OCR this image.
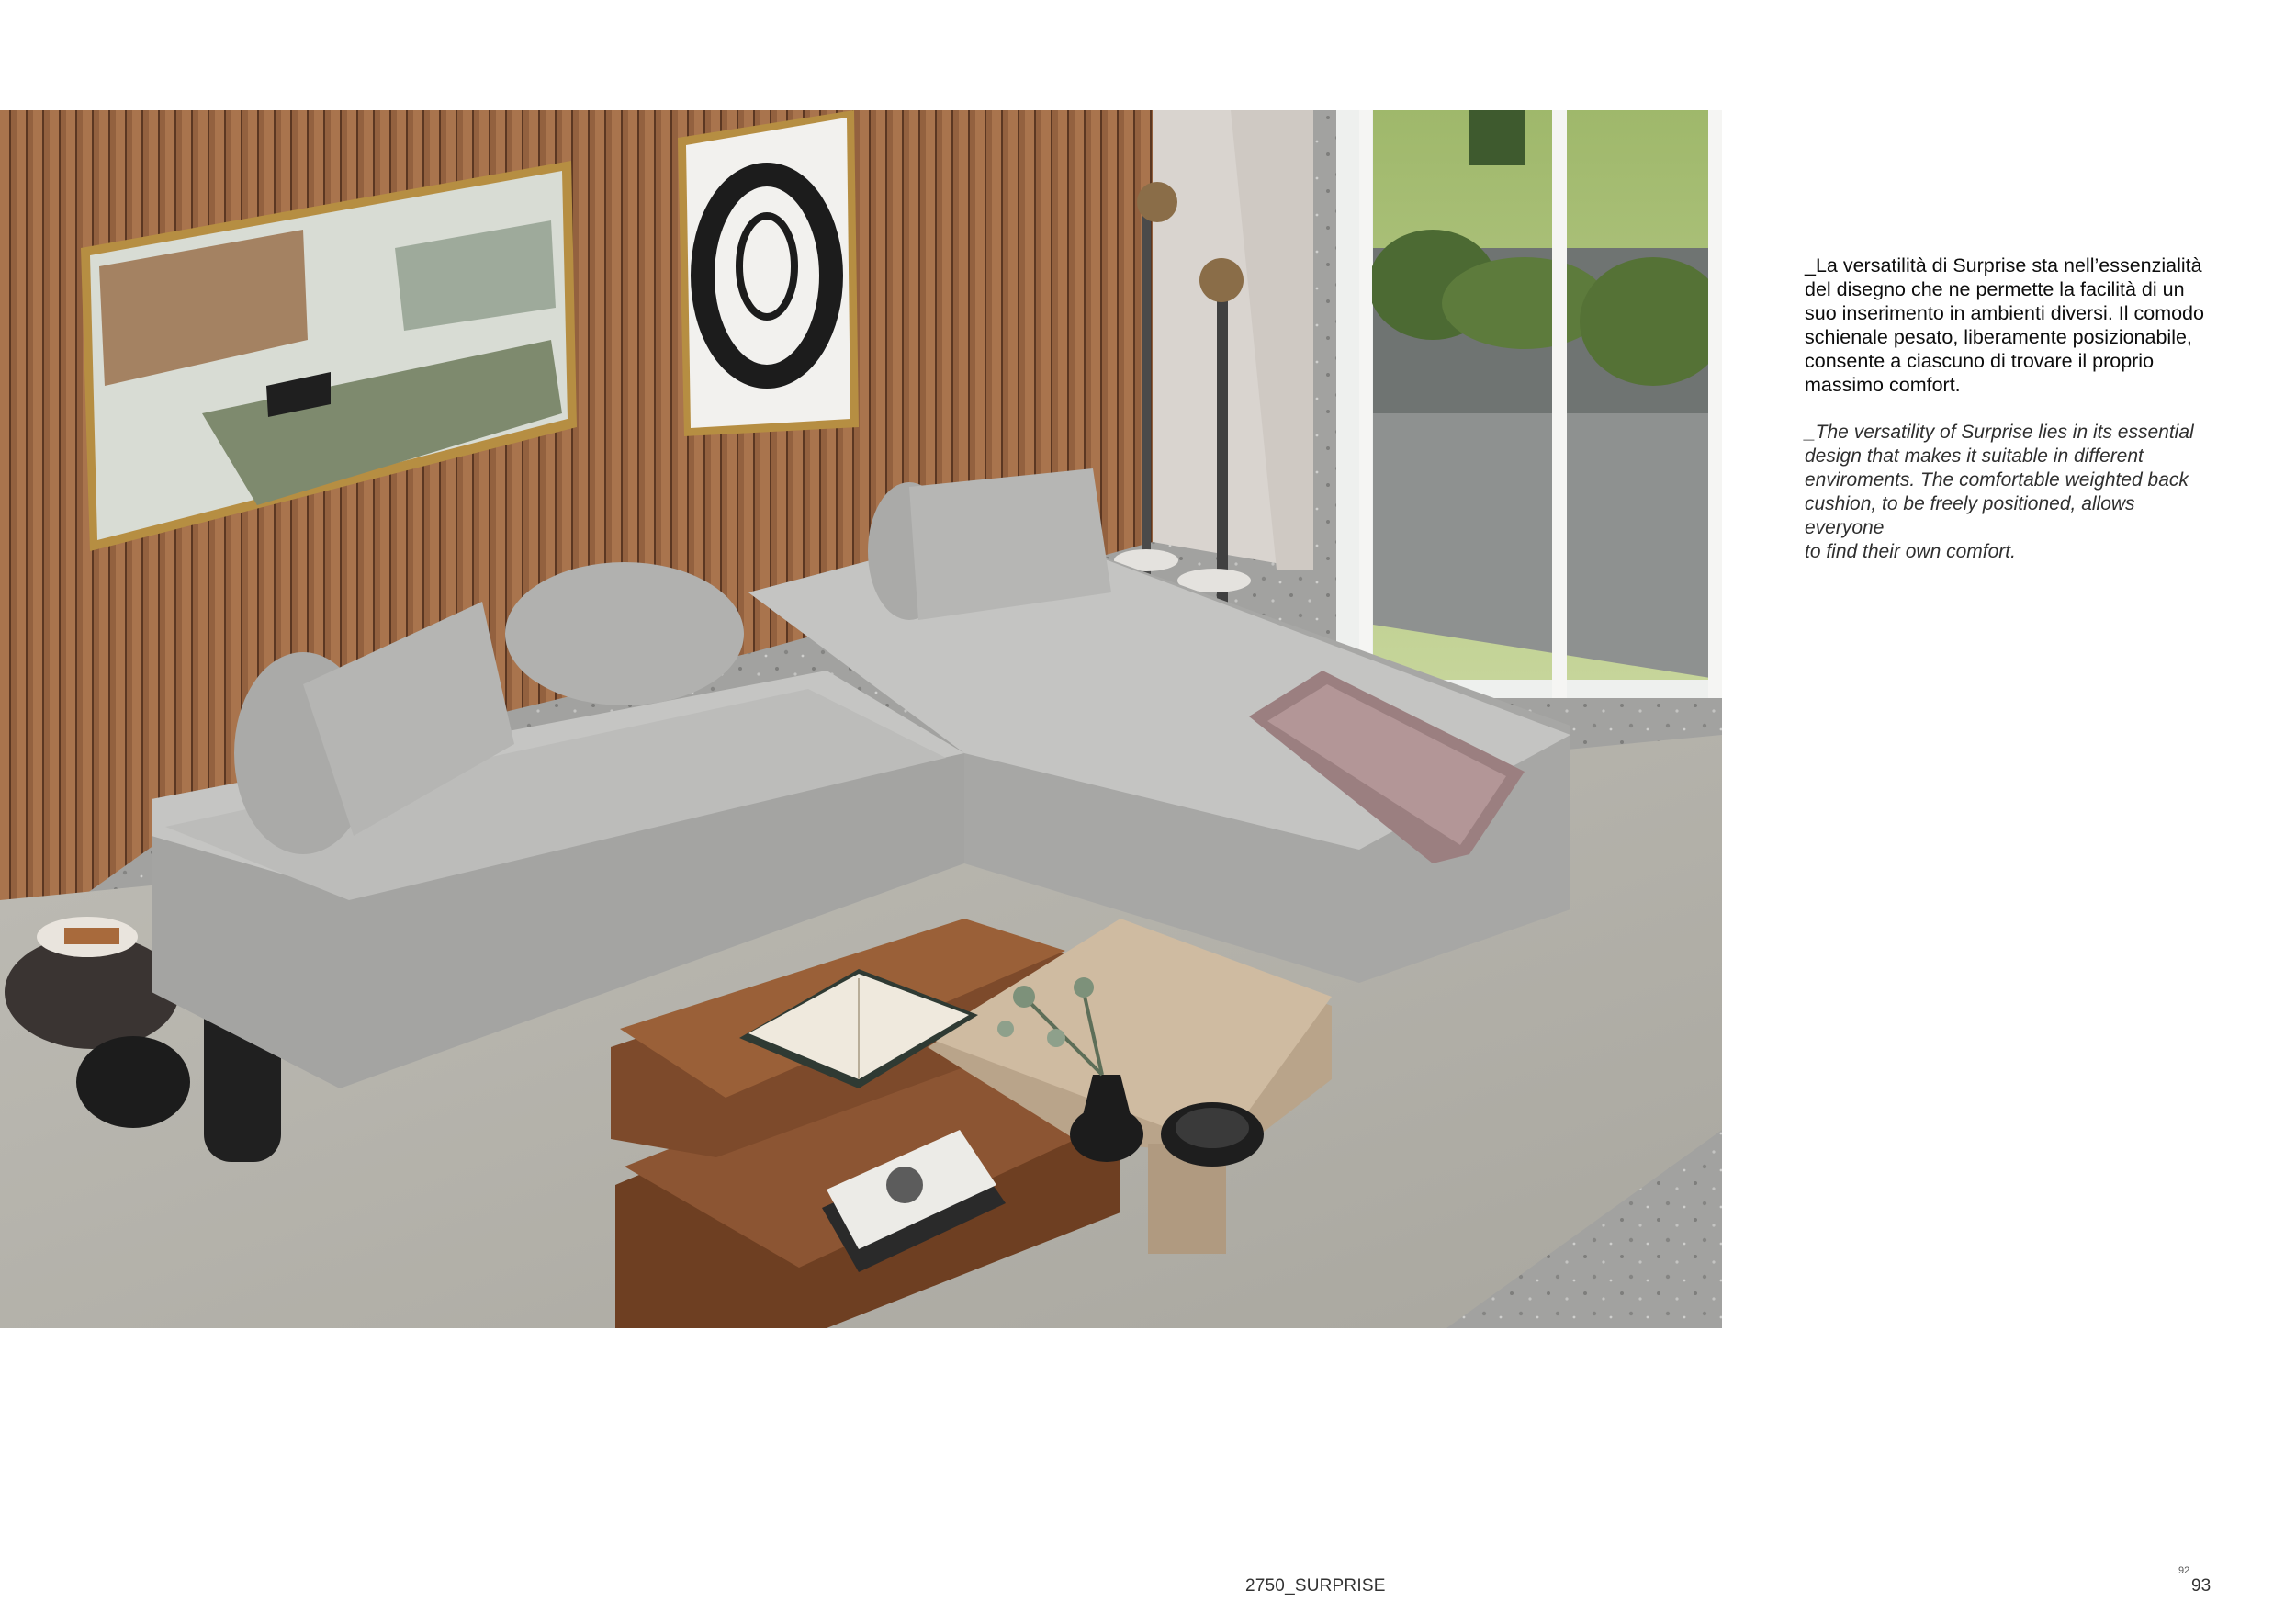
_La versatilità di Surprise sta nell’essenzialità
del disegno che ne permette la facilità di un
suo inserimento in ambienti diversi. Il comodo
schienale pesato, liberamente posizionabile,
consente a ciascuno di trovare il proprio
massimo comfort.

_The versatility of Surprise lies in its essential
design that makes it suitable in different
enviroments. The comfortable weighted back
cushion, to be freely positioned, allows everyone
to find their own comfort.

2750_SURPRISE
92
93
